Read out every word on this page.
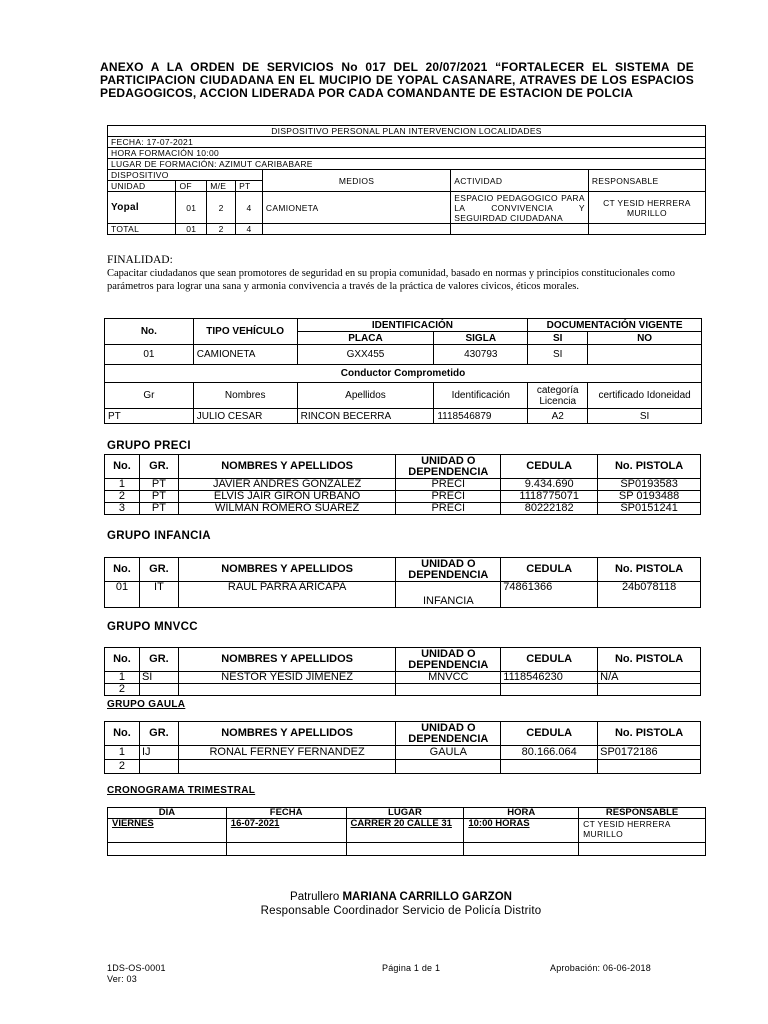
ANEXO A LA ORDEN DE SERVICIOS No 017 DEL 20/07/2021 “FORTALECER EL SISTEMA DE PARTICIPACION CIUDADANA EN EL MUCIPIO DE YOPAL CASANARE, ATRAVES DE LOS ESPACIOS PEDAGOGICOS, ACCION LIDERADA POR CADA COMANDANTE DE ESTACION DE POLCIA
DISPOSITIVO PERSONAL PLAN INTERVENCION LOCALIDADES						
FECHA: 17-07-2021						
HORA FORMACIÓN 10:00						
LUGAR DE FORMACIÓN: AZIMUT CARIBABARE						
DISPOSITIVO				MEDIOS	ACTIVIDAD	RESPONSABLE
UNIDAD	OF	M/E	PT			
Yopal	01	2	4	CAMIONETA	ESPACIO PEDAGOGICO PARA LA CONVIVENCIA Y SEGUIRDAD CIUDADANA	CT YESID HERRERA MURILLO
TOTAL	01	2	4			
FINALIDAD:
Capacitar ciudadanos que sean promotores de seguridad en su propia comunidad, basado en normas y principios constitucionales como parámetros para lograr una sana y armonia convivencia a través de la práctica de valores civicos, éticos morales.
No.	TIPO VEHÍCULO	IDENTIFICACIÓN		DOCUMENTACIÓN VIGENTE	
		PLACA	SIGLA	SI	NO
01	CAMIONETA	GXX455	430793	SI	
Conductor Comprometido					
Gr	Nombres	Apellidos	Identificación	categoría Licencia	certificado Idoneidad
PT	JULIO CESAR	RINCON BECERRA	1118546879	A2	SI
GRUPO PRECI
No.	GR.	NOMBRES Y APELLIDOS	UNIDAD O DEPENDENCIA	CEDULA	No. PISTOLA
1	PT	JAVIER ANDRES GONZALEZ	PRECI	9.434.690	SP0193583
2	PT	ELVIS JAIR GIRON URBANO	PRECI	1118775071	SP 0193488
3	PT	WILMAN ROMERO SUAREZ	PRECI	80222182	SP0151241
GRUPO INFANCIA
No.	GR.	NOMBRES Y APELLIDOS	UNIDAD O DEPENDENCIA	CEDULA	No. PISTOLA
01	IT	RAUL PARRA ARICAPA	INFANCIA	74861366	24b078118
GRUPO MNVCC
No.	GR.	NOMBRES Y APELLIDOS	UNIDAD O DEPENDENCIA	CEDULA	No. PISTOLA
1	SI	NESTOR YESID JIMENEZ	MNVCC	1118546230	N/A
2					
GRUPO GAULA
No.	GR.	NOMBRES Y APELLIDOS	UNIDAD O DEPENDENCIA	CEDULA	No. PISTOLA
1	IJ	RONAL FERNEY FERNANDEZ	GAULA	80.166.064	SP0172186
2					
CRONOGRAMA TRIMESTRAL
DIA	FECHA	LUGAR	HORA	RESPONSABLE
VIERNES	16-07-2021	CARRER 20 CALLE 31	10:00 HORAS	CT YESID HERRERA MURILLO

Patrullero MARIANA CARRILLO GARZON
Responsable Coordinador Servicio de Policía Distrito
1DS-OS-0001
Ver: 03
Página 1 de 1	Aprobación: 06-06-2018
